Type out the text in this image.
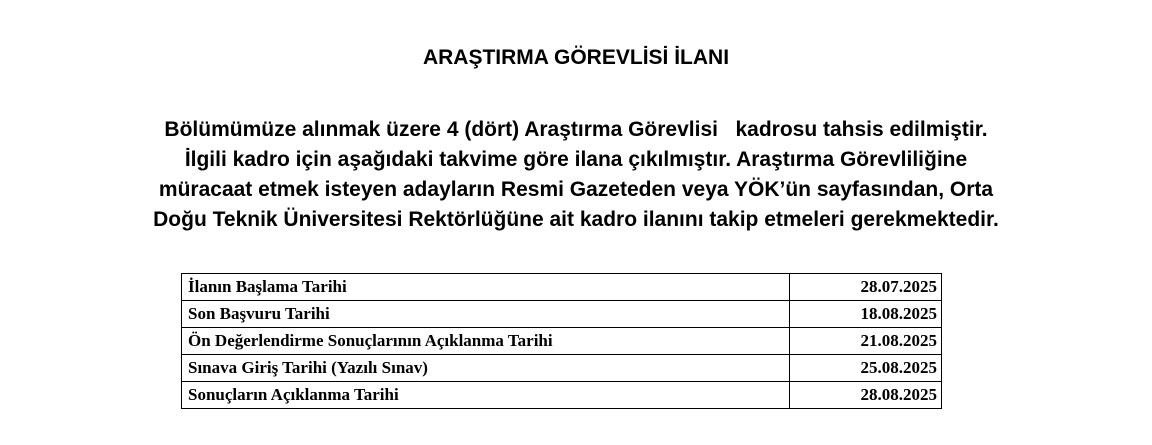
ARAŞTIRMA GÖREVLİSİ İLANI
Bölümümüze alınmak üzere 4 (dört) Araştırma Görevlisi   kadrosu tahsis edilmiştir.
İlgili kadro için aşağıdaki takvime göre ilana çıkılmıştır. Araştırma Görevliliğine
müracaat etmek isteyen adayların Resmi Gazeteden veya YÖK’ün sayfasından, Orta
Doğu Teknik Üniversitesi Rektörlüğüne ait kadro ilanını takip etmeleri gerekmektedir.
İlanın Başlama Tarihi	28.07.2025
Son Başvuru Tarihi	18.08.2025
Ön Değerlendirme Sonuçlarının Açıklanma Tarihi	21.08.2025
Sınava Giriş Tarihi (Yazılı Sınav)	25.08.2025
Sonuçların Açıklanma Tarihi	28.08.2025
